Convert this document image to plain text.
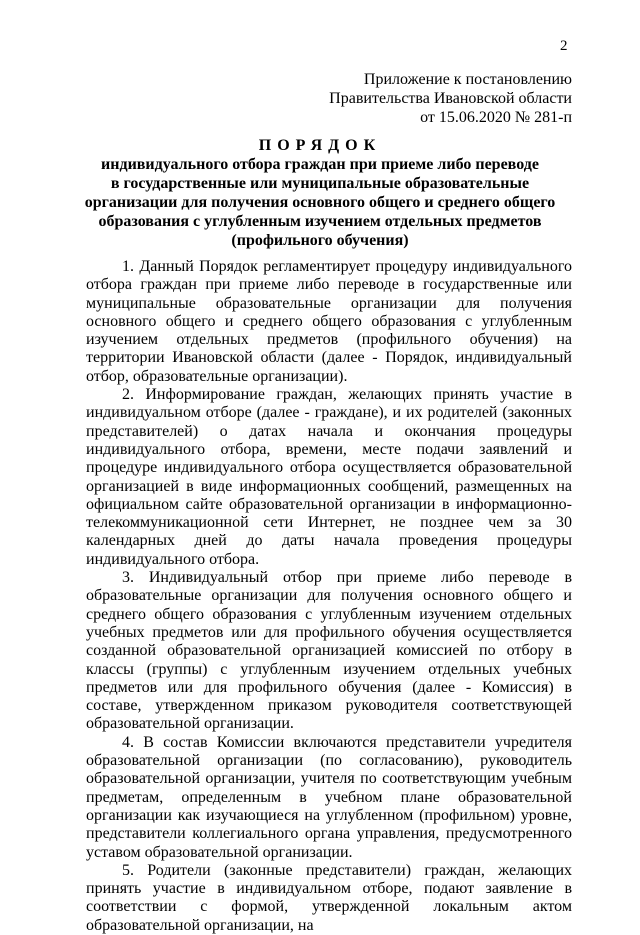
2
Приложение к постановлению
Правительства Ивановской области
от 15.06.2020 № 281-п
ПОРЯДОК
индивидуального отбора граждан при приеме либо переводе
в государственные или муниципальные образовательные
организации для получения основного общего и среднего общего
образования с углубленным изучением отдельных предметов
(профильного обучения)

1. Данный Порядок регламентирует процедуру индивидуального отбора граждан при приеме либо переводе в государственные или муниципальные образовательные организации для получения основного общего и среднего общего образования с углубленным изучением отдельных предметов (профильного обучения) на территории Ивановской области (далее - Порядок, индивидуальный отбор, образовательные организации).

2. Информирование граждан, желающих принять участие в индивидуальном отборе (далее - граждане), и их родителей (законных представителей) о датах начала и окончания процедуры индивидуального отбора, времени, месте подачи заявлений и процедуре индивидуального отбора осуществляется образовательной организацией в виде информационных сообщений, размещенных на официальном сайте образовательной организации в информационно-телекоммуникационной сети Интернет, не позднее чем за 30 календарных дней до даты начала проведения процедуры индивидуального отбора.

3. Индивидуальный отбор при приеме либо переводе в образовательные организации для получения основного общего и среднего общего образования с углубленным изучением отдельных учебных предметов или для профильного обучения осуществляется созданной образовательной организацией комиссией по отбору в классы (группы) с углубленным изучением отдельных учебных предметов или для профильного обучения (далее - Комиссия) в составе, утвержденном приказом руководителя соответствующей образовательной организации.

4. В состав Комиссии включаются представители учредителя образовательной организации (по согласованию), руководитель образовательной организации, учителя по соответствующим учебным предметам, определенным в учебном плане образовательной организации как изучающиеся на углубленном (профильном) уровне, представители коллегиального органа управления, предусмотренного уставом образовательной организации.

5. Родители (законные представители) граждан, желающих принять участие в индивидуальном отборе, подают заявление в соответствии с формой, утвержденной локальным актом образовательной организации, на
